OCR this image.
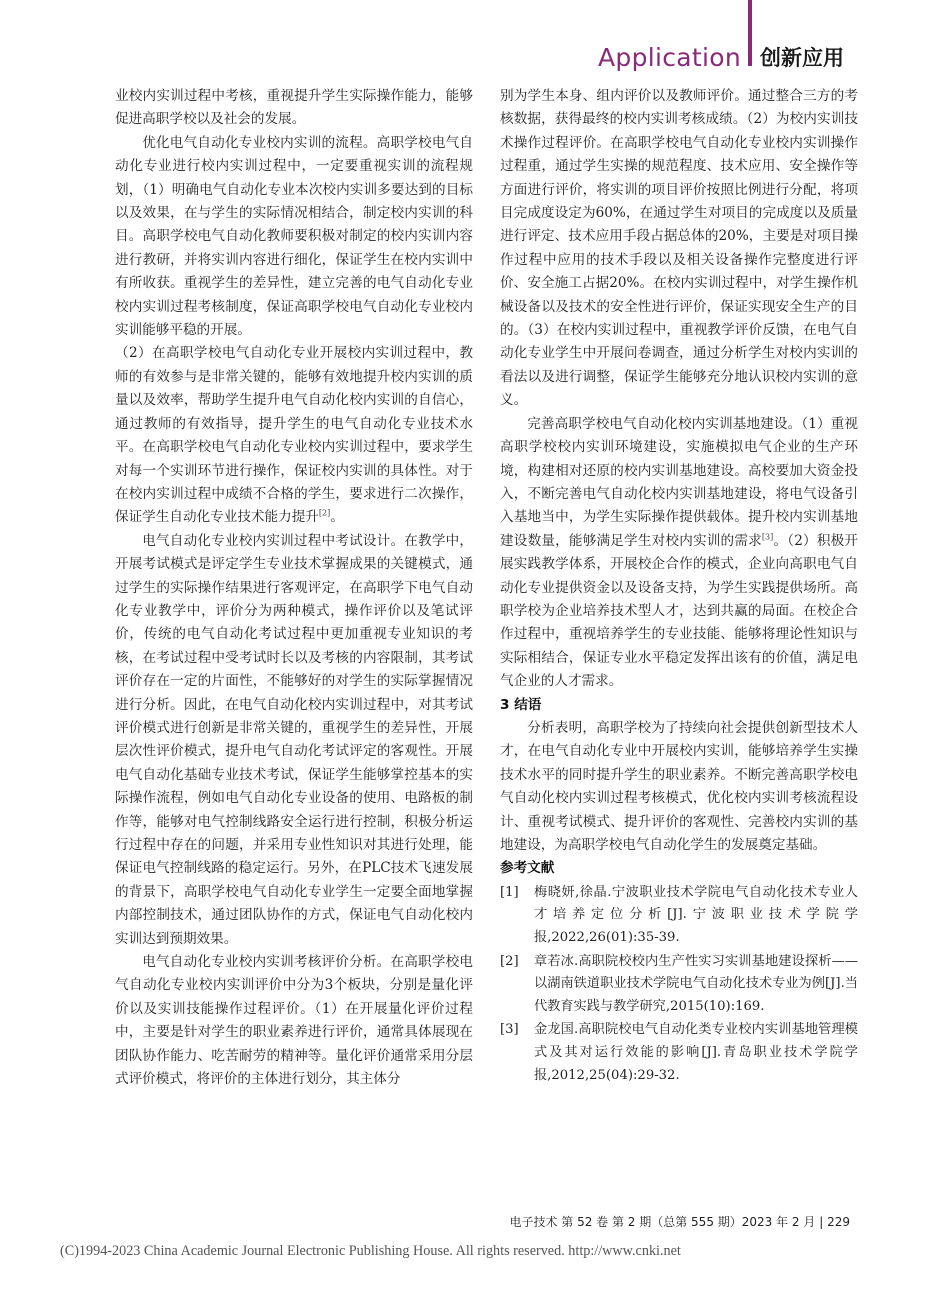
Application 创新应用

业校内实训过程中考核，重视提升学生实际操作能力，能够促进高职学校以及社会的发展。

优化电气自动化专业校内实训的流程。高职学校电气自动化专业进行校内实训过程中，一定要重视实训的流程规划，（1）明确电气自动化专业本次校内实训多要达到的目标以及效果，在与学生的实际情况相结合，制定校内实训的科目。高职学校电气自动化教师要积极对制定的校内实训内容进行教研，并将实训内容进行细化，保证学生在校内实训中有所收获。重视学生的差异性，建立完善的电气自动化专业校内实训过程考核制度，保证高职学校电气自动化专业校内实训能够平稳的开展。

（2）在高职学校电气自动化专业开展校内实训过程中，教师的有效参与是非常关键的，能够有效地提升校内实训的质量以及效率，帮助学生提升电气自动化校内实训的自信心，通过教师的有效指导，提升学生的电气自动化专业技术水平。在高职学校电气自动化专业校内实训过程中，要求学生对每一个实训环节进行操作，保证校内实训的具体性。对于在校内实训过程中成绩不合格的学生，要求进行二次操作，保证学生自动化专业技术能力提升[2]。

电气自动化专业校内实训过程中考试设计。在教学中，开展考试模式是评定学生专业技术掌握成果的关键模式，通过学生的实际操作结果进行客观评定，在高职学下电气自动化专业教学中，评价分为两种模式，操作评价以及笔试评价，传统的电气自动化考试过程中更加重视专业知识的考核，在考试过程中受考试时长以及考核的内容限制，其考试评价存在一定的片面性，不能够好的对学生的实际掌握情况进行分析。因此，在电气自动化校内实训过程中，对其考试评价模式进行创新是非常关键的，重视学生的差异性，开展层次性评价模式，提升电气自动化考试评定的客观性。开展电气自动化基础专业技术考试，保证学生能够掌控基本的实际操作流程，例如电气自动化专业设备的使用、电路板的制作等，能够对电气控制线路安全运行进行控制，积极分析运行过程中存在的问题，并采用专业性知识对其进行处理，能保证电气控制线路的稳定运行。另外，在PLC技术飞速发展的背景下，高职学校电气自动化专业学生一定要全面地掌握内部控制技术，通过团队协作的方式，保证电气自动化校内实训达到预期效果。

电气自动化专业校内实训考核评价分析。在高职学校电气自动化专业校内实训评价中分为3个板块，分别是量化评价以及实训技能操作过程评价。（1）在开展量化评价过程中，主要是针对学生的职业素养进行评价，通常具体展现在团队协作能力、吃苦耐劳的精神等。量化评价通常采用分层式评价模式，将评价的主体进行划分，其主体分

别为学生本身、组内评价以及教师评价。通过整合三方的考核数据，获得最终的校内实训考核成绩。（2）为校内实训技术操作过程评价。在高职学校电气自动化专业校内实训操作过程重，通过学生实操的规范程度、技术应用、安全操作等方面进行评价，将实训的项目评价按照比例进行分配，将项目完成度设定为60%，在通过学生对项目的完成度以及质量进行评定、技术应用手段占据总体的20%，主要是对项目操作过程中应用的技术手段以及相关设备操作完整度进行评价、安全施工占据20%。在校内实训过程中，对学生操作机械设备以及技术的安全性进行评价，保证实现安全生产的目的。（3）在校内实训过程中，重视教学评价反馈，在电气自动化专业学生中开展问卷调查，通过分析学生对校内实训的看法以及进行调整，保证学生能够充分地认识校内实训的意义。

完善高职学校电气自动化校内实训基地建设。（1）重视高职学校校内实训环境建设，实施模拟电气企业的生产环境，构建相对还原的校内实训基地建设。高校要加大资金投入，不断完善电气自动化校内实训基地建设，将电气设备引入基地当中，为学生实际操作提供载体。提升校内实训基地建设数量，能够满足学生对校内实训的需求[3]。（2）积极开展实践教学体系，开展校企合作的模式，企业向高职电气自动化专业提供资金以及设备支持，为学生实践提供场所。高职学校为企业培养技术型人才，达到共赢的局面。在校企合作过程中，重视培养学生的专业技能、能够将理论性知识与实际相结合，保证专业水平稳定发挥出该有的价值，满足电气企业的人才需求。

3 结语

分析表明，高职学校为了持续向社会提供创新型技术人才，在电气自动化专业中开展校内实训，能够培养学生实操技术水平的同时提升学生的职业素养。不断完善高职学校电气自动化校内实训过程考核模式，优化校内实训考核流程设计、重视考试模式、提升评价的客观性、完善校内实训的基地建设，为高职学校电气自动化学生的发展奠定基础。

参考文献
[1]	梅晓妍,徐晶.宁波职业技术学院电气自动化技术专业人才培养定位分析[J].宁波职业技术学院学报,2022,26(01):35-39.
[2]	章若冰.高职院校校内生产性实习实训基地建设探析——以湖南铁道职业技术学院电气自动化技术专业为例[J].当代教育实践与教学研究,2015(10):169.
[3]	金龙国.高职院校电气自动化类专业校内实训基地管理模式及其对运行效能的影响[J].青岛职业技术学院学报,2012,25(04):29-32.
电子技术 第 52 卷 第 2 期（总第 555 期）2023 年 2 月 | 229
(C)1994-2023 China Academic Journal Electronic Publishing House. All rights reserved. http://www.cnki.net
